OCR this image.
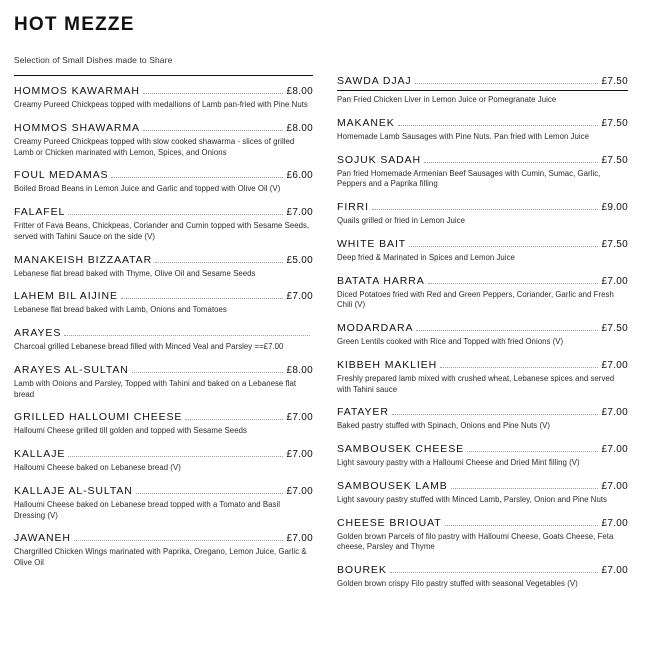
HOT MEZZE
Selection of Small Dishes made to Share
HOMMOS KAWARMAH	£8.00
Creamy Pureed Chickpeas topped with medallions of Lamb pan-fried with Pine Nuts
HOMMOS SHAWARMA	£8.00
Creamy Pureed Chickpeas topped with slow cooked shawarma - slices of grilled Lamb or Chicken marinated with Lemon, Spices, and Onions
FOUL MEDAMAS	£6.00
Boiled Broad Beans in Lemon Juice and Garlic and topped with Olive Oil (V)
FALAFEL	£7.00
Fritter of Fava Beans, Chickpeas, Coriander and Cumin topped with Sesame Seeds, served with Tahini Sauce on the side (V)
MANAKEISH BIZZAATAR	£5.00
Lebanese flat bread baked with Thyme, Olive Oil and Sesame Seeds
LAHEM BIL AIJINE	£7.00
Lebanese flat bread baked with Lamb, Onions and Tomatoes
ARAYES
Charcoal grilled Lebanese bread filled with Minced Veal and Parsley ==£7.00
ARAYES AL-SULTAN	£8.00
Lamb with Onions and Parsley, Topped with Tahini and baked on a Lebanese flat bread
GRILLED HALLOUMI CHEESE	£7.00
Halloumi Cheese grilled till golden and topped with Sesame Seeds
KALLAJE	£7.00
Halloumi Cheese baked on Lebanese bread (V)
KALLAJE AL-SULTAN	£7.00
Halloumi Cheese baked on Lebanese bread topped with a Tomato and Basil Dressing (V)
JAWANEH	£7.00
Chargrilled Chicken Wings marinated with Paprika, Oregano, Lemon Juice, Garlic & Olive Oil
SAWDA DJAJ	£7.50
Pan Fried Chicken Liver in Lemon Juice or Pomegranate Juice
MAKANEK	£7.50
Homemade Lamb Sausages with Pine Nuts. Pan fried with Lemon Juice
SOJUK SADAH	£7.50
Pan fried Homemade Armenian Beef Sausages with Cumin, Sumac, Garlic, Peppers and a Paprika filling
FIRRI	£9.00
Quails grilled or fried in Lemon Juice
WHITE BAIT	£7.50
Deep fried & Marinated in Spices and Lemon Juice
BATATA HARRA	£7.00
Diced Potatoes fried with Red and Green Peppers, Coriander, Garlic and Fresh Chili (V)
MODARDARA	£7.50
Green Lentils cooked with Rice and Topped with fried Onions (V)
KIBBEH MAKLIEH	£7.00
Freshly prepared lamb mixed with crushed wheat, Lebanese spices and served with Tahini sauce
FATAYER	£7.00
Baked pastry stuffed with Spinach, Onions and Pine Nuts (V)
SAMBOUSEK CHEESE	£7.00
Light savoury pastry with a Halloumi Cheese and Dried Mint filling (V)
SAMBOUSEK LAMB	£7.00
Light savoury pastry stuffed with Minced Lamb, Parsley, Onion and Pine Nuts
CHEESE BRIOUAT	£7.00
Golden brown Parcels of filo pastry with Halloumi Cheese, Goats Cheese, Feta cheese, Parsley and Thyme
BOUREK	£7.00
Golden brown crispy Filo pastry stuffed with seasonal Vegetables (V)
